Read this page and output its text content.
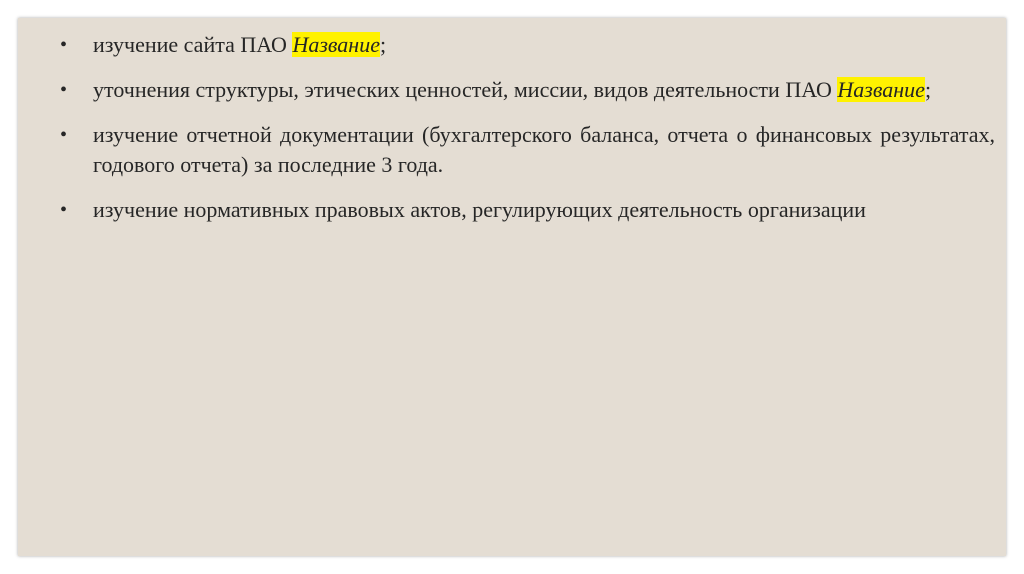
• изучение сайта ПАО Название;
• уточнения структуры, этических ценностей, миссии, видов деятельности ПАО Название;
• изучение отчетной документации (бухгалтерского баланса, отчета о финансовых результатах, годового отчета) за последние 3 года.
• изучение нормативных правовых актов, регулирующих деятельность организации
